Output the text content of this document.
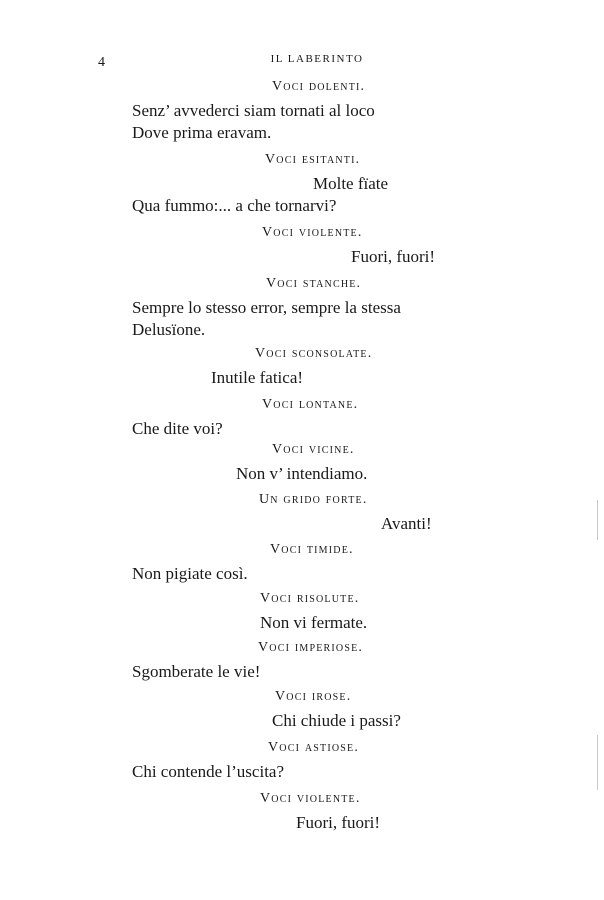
4	IL LABERINTO
Voci dolenti.
Senz’ avvederci siam tornati al loco
Dove prima eravam.
Voci esitanti.
Molte fïate
Qua fummo:... a che tornarvi?
Voci violente.
Fuori, fuori!
Voci stanche.
Sempre lo stesso error, sempre la stessa
Delusïone.
Voci sconsolate.
Inutile fatica!
Voci lontane.
Che dite voi?
Voci vicine.
Non v’ intendiamo.
Un grido forte.
Avanti!
Voci timide.
Non pigiate così.
Voci risolute.
Non vi fermate.
Voci imperiose.
Sgomberate le vie!
Voci irose.
Chi chiude i passi?
Voci astiose.
Chi contende l’uscita?
Voci violente.
Fuori, fuori!
